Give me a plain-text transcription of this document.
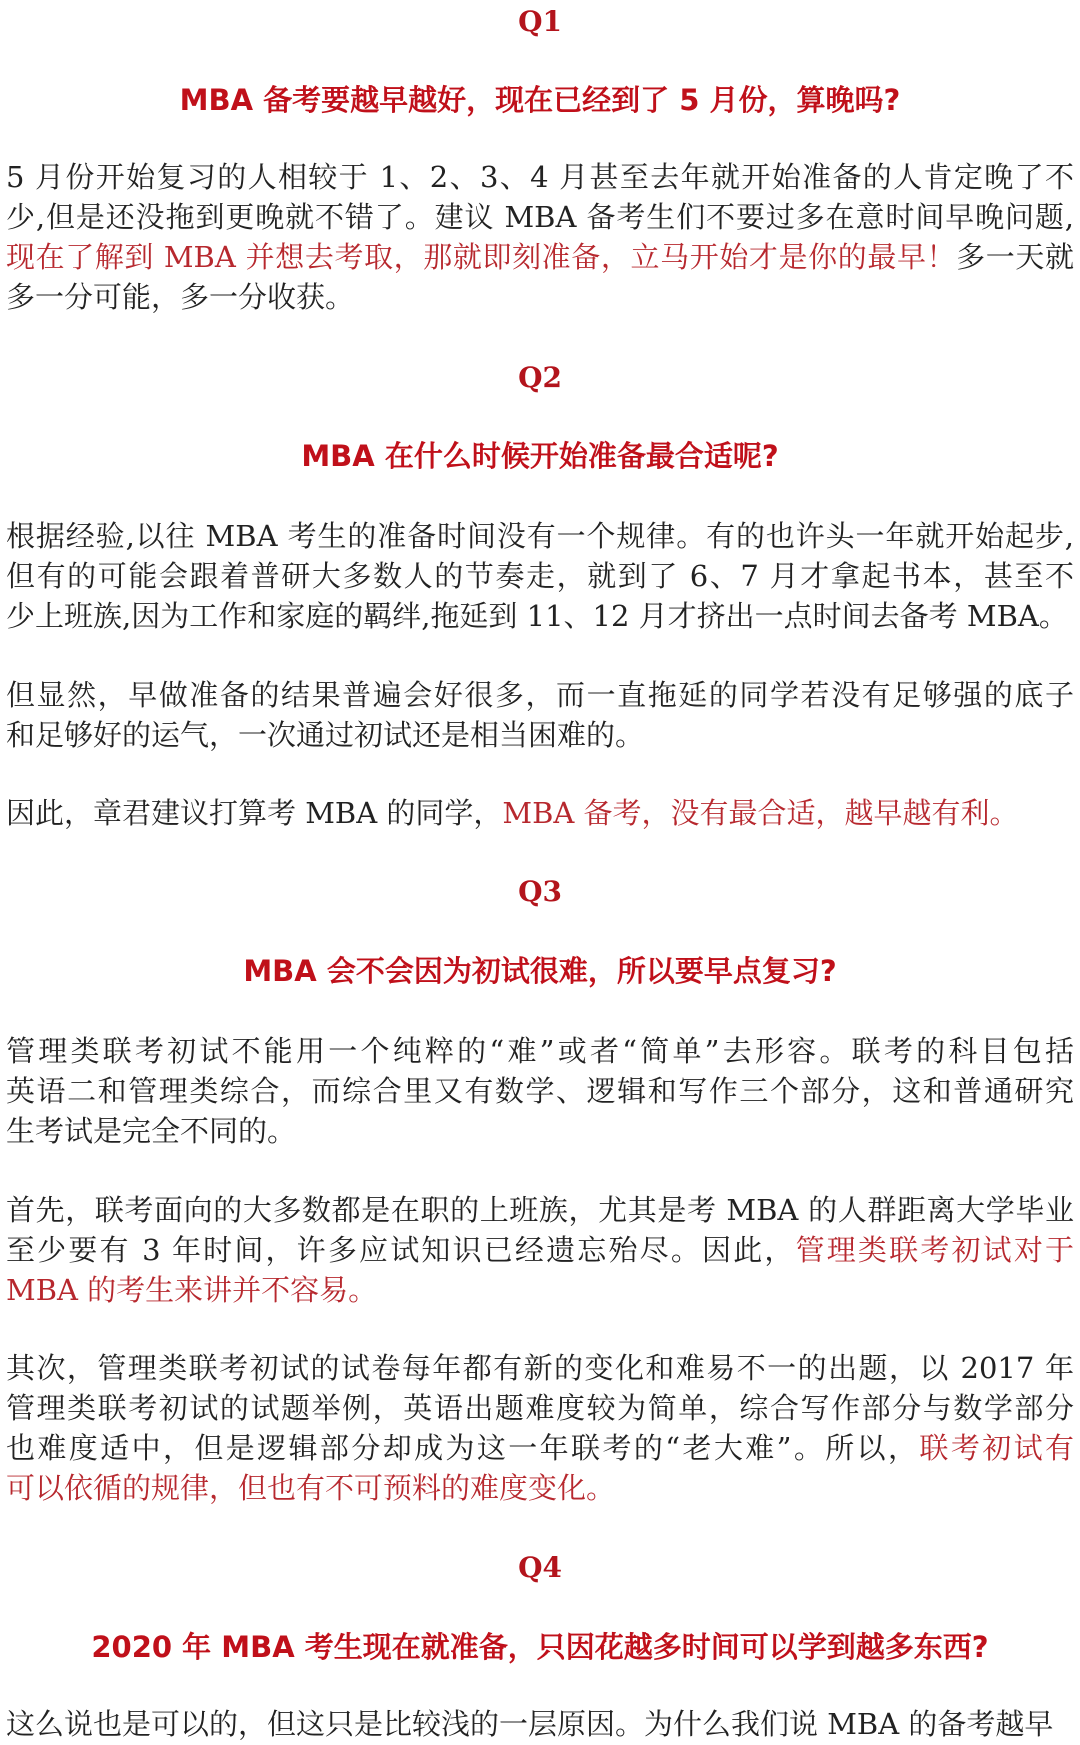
Q1
MBA 备考要越早越好，现在已经到了 5 月份，算晚吗?
5 月份开始复习的人相较于 1、2、3、4 月甚至去年就开始准备的人肯定晚了不
少,但是还没拖到更晚就不错了。建议 MBA 备考生们不要过多在意时间早晚问题,
现在了解到 MBA 并想去考取，那就即刻准备，立马开始才是你的最早！多一天就
多一分可能，多一分收获。
Q2
MBA 在什么时候开始准备最合适呢?
根据经验,以往 MBA 考生的准备时间没有一个规律。有的也许头一年就开始起步,
但有的可能会跟着普研大多数人的节奏走，就到了 6、7 月才拿起书本，甚至不
少上班族,因为工作和家庭的羁绊,拖延到 11、12 月才挤出一点时间去备考 MBA。
但显然，早做准备的结果普遍会好很多，而一直拖延的同学若没有足够强的底子
和足够好的运气，一次通过初试还是相当困难的。
因此，章君建议打算考 MBA 的同学，MBA 备考，没有最合适，越早越有利。
Q3
MBA 会不会因为初试很难，所以要早点复习?
管理类联考初试不能用一个纯粹的“难”或者“简单”去形容。联考的科目包括
英语二和管理类综合，而综合里又有数学、逻辑和写作三个部分，这和普通研究
生考试是完全不同的。
首先，联考面向的大多数都是在职的上班族，尤其是考 MBA 的人群距离大学毕业
至少要有 3 年时间，许多应试知识已经遗忘殆尽。因此，管理类联考初试对于
MBA 的考生来讲并不容易。
其次，管理类联考初试的试卷每年都有新的变化和难易不一的出题，以 2017 年
管理类联考初试的试题举例，英语出题难度较为简单，综合写作部分与数学部分
也难度适中，但是逻辑部分却成为这一年联考的“老大难”。所以，联考初试有
可以依循的规律，但也有不可预料的难度变化。
Q4
2020 年 MBA 考生现在就准备，只因花越多时间可以学到越多东西?
这么说也是可以的，但这只是比较浅的一层原因。为什么我们说 MBA 的备考越早
